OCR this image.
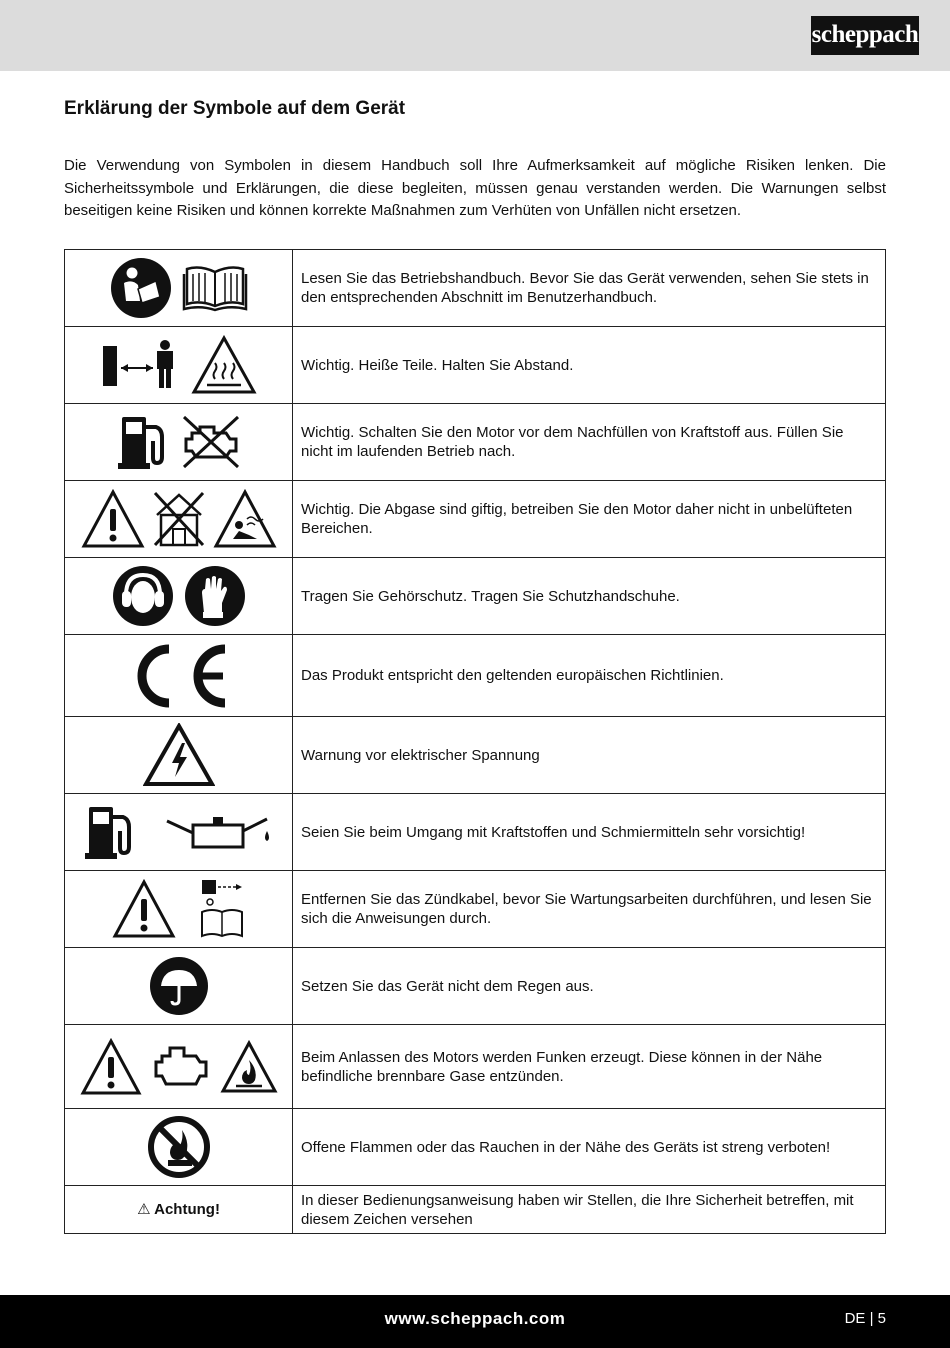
scheppach
Erklärung der Symbole auf dem Gerät

Die Verwendung von Symbolen in diesem Handbuch soll Ihre Aufmerksamkeit auf mögliche Risiken lenken. Die Sicherheitssymbole und Erklärungen, die diese begleiten, müssen genau verstanden werden. Die Warnungen selbst beseitigen keine Risiken und können korrekte Maßnahmen zum Verhüten von Unfällen nicht ersetzen.

	Lesen Sie das Betriebshandbuch. Bevor Sie das Gerät verwenden, sehen Sie stets in den entsprechenden Abschnitt im Benutzerhandbuch.

	Wichtig. Heiße Teile. Halten Sie Abstand.

	Wichtig. Schalten Sie den Motor vor dem Nachfüllen von Kraftstoff aus. Füllen Sie nicht im laufenden Betrieb nach.

	Wichtig. Die Abgase sind giftig, betreiben Sie den Motor daher nicht in unbelüfteten Bereichen.

	Tragen Sie Gehörschutz. Tragen Sie Schutzhandschuhe.

	Das Produkt entspricht den geltenden europäischen Richtlinien.

	Warnung vor elektrischer Spannung

	Seien Sie beim Umgang mit Kraftstoffen und Schmiermitteln sehr vorsichtig!

	Entfernen Sie das Zündkabel, bevor Sie Wartungsarbeiten durchführen, und lesen Sie sich die Anweisungen durch.

	Setzen Sie das Gerät nicht dem Regen aus.

	Beim Anlassen des Motors werden Funken erzeugt. Diese können in der Nähe befindliche brennbare Gase entzünden.

	Offene Flammen oder das Rauchen in der Nähe des Geräts ist streng verboten!
⚠ Achtung!	In dieser Bedienungsanweisung haben wir Stellen, die Ihre Sicherheit betreffen, mit diesem Zeichen versehen
www.scheppach.com	DE | 5
